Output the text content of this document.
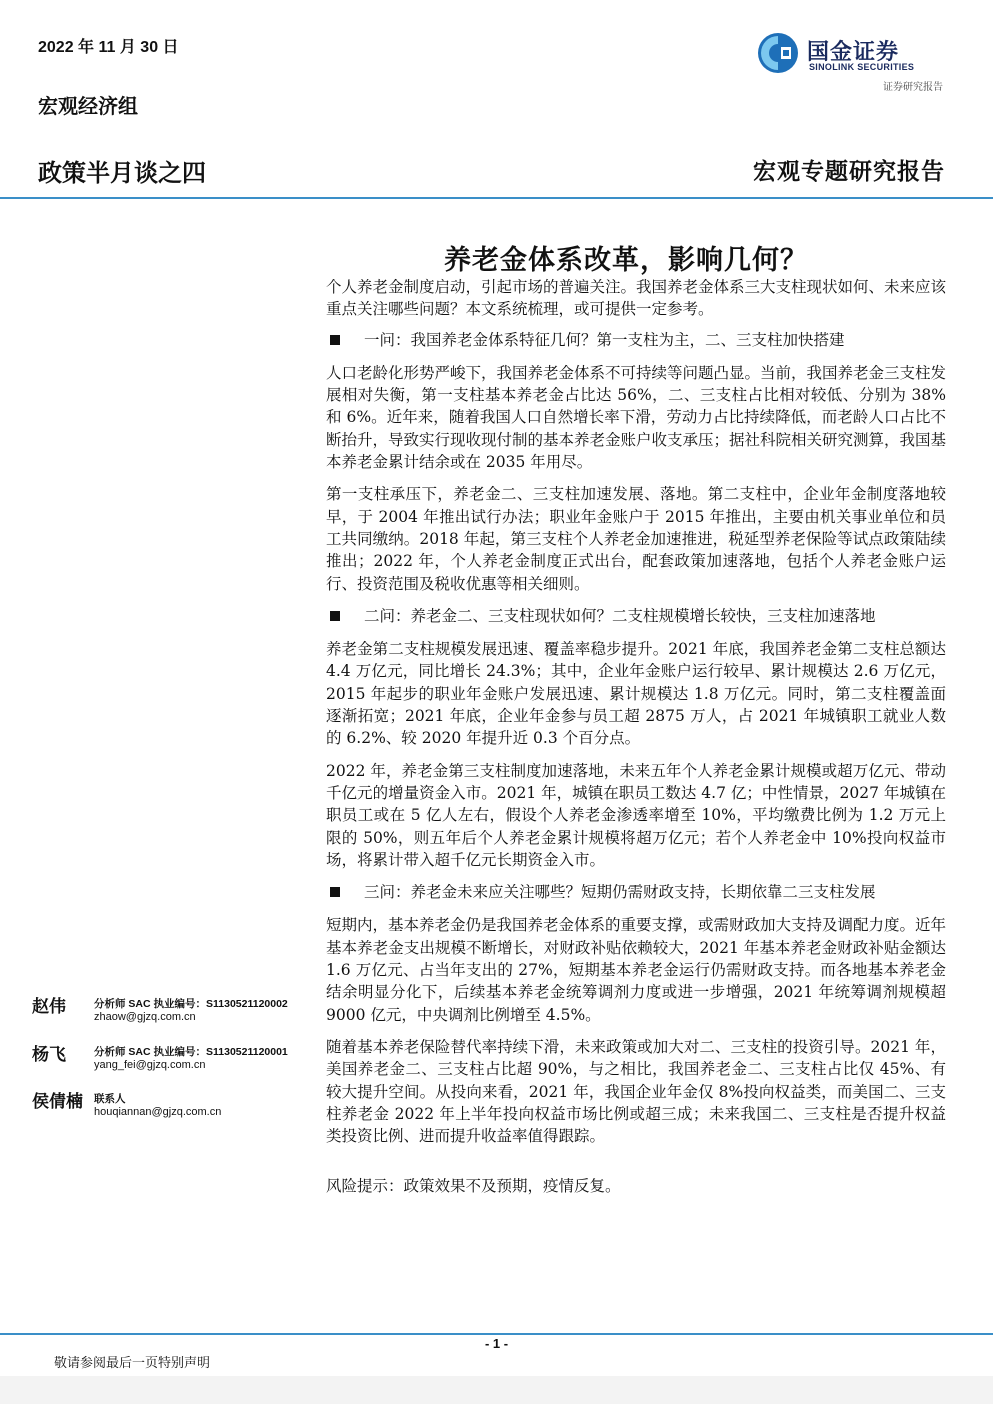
2022 年 11 月 30 日
宏观经济组
政策半月谈之四	宏观专题研究报告
国金证券
SINOLINK SECURITIES
证券研究报告
养老金体系改革，影响几何？

个人养老金制度启动，引起市场的普遍关注。我国养老金体系三大支柱现状如何、未来应该重点关注哪些问题？本文系统梳理，或可提供一定参考。

一问：我国养老金体系特征几何？第一支柱为主，二、三支柱加快搭建

人口老龄化形势严峻下，我国养老金体系不可持续等问题凸显。当前，我国养老金三支柱发展相对失衡，第一支柱基本养老金占比达 56%，二、三支柱占比相对较低、分别为 38%和 6%。近年来，随着我国人口自然增长率下滑，劳动力占比持续降低，而老龄人口占比不断抬升，导致实行现收现付制的基本养老金账户收支承压；据社科院相关研究测算，我国基本养老金累计结余或在 2035 年用尽。

第一支柱承压下，养老金二、三支柱加速发展、落地。第二支柱中，企业年金制度落地较早，于 2004 年推出试行办法；职业年金账户于 2015 年推出，主要由机关事业单位和员工共同缴纳。2018 年起，第三支柱个人养老金加速推进，税延型养老保险等试点政策陆续推出；2022 年，个人养老金制度正式出台，配套政策加速落地，包括个人养老金账户运行、投资范围及税收优惠等相关细则。

二问：养老金二、三支柱现状如何？二支柱规模增长较快，三支柱加速落地

养老金第二支柱规模发展迅速、覆盖率稳步提升。2021 年底，我国养老金第二支柱总额达 4.4 万亿元，同比增长 24.3%；其中，企业年金账户运行较早、累计规模达 2.6 万亿元，2015 年起步的职业年金账户发展迅速、累计规模达 1.8 万亿元。同时，第二支柱覆盖面逐渐拓宽；2021 年底，企业年金参与员工超 2875 万人，占 2021 年城镇职工就业人数的 6.2%、较 2020 年提升近 0.3 个百分点。

2022 年，养老金第三支柱制度加速落地，未来五年个人养老金累计规模或超万亿元、带动千亿元的增量资金入市。2021 年，城镇在职员工数达 4.7 亿；中性情景，2027 年城镇在职员工或在 5 亿人左右，假设个人养老金渗透率增至 10%，平均缴费比例为 1.2 万元上限的 50%，则五年后个人养老金累计规模将超万亿元；若个人养老金中 10%投向权益市场，将累计带入超千亿元长期资金入市。

三问：养老金未来应关注哪些？短期仍需财政支持，长期依靠二三支柱发展

短期内，基本养老金仍是我国养老金体系的重要支撑，或需财政加大支持及调配力度。近年基本养老金支出规模不断增长，对财政补贴依赖较大，2021 年基本养老金财政补贴金额达 1.6 万亿元、占当年支出的 27%，短期基本养老金运行仍需财政支持。而各地基本养老金结余明显分化下，后续基本养老金统筹调剂力度或进一步增强，2021 年统筹调剂规模超 9000 亿元，中央调剂比例增至 4.5%。

随着基本养老保险替代率持续下滑，未来政策或加大对二、三支柱的投资引导。2021 年，美国养老金二、三支柱占比超 90%，与之相比，我国养老金二、三支柱占比仅 45%、有较大提升空间。从投向来看，2021 年，我国企业年金仅 8%投向权益类，而美国二、三支柱养老金 2022 年上半年投向权益市场比例或超三成；未来我国二、三支柱是否提升权益类投资比例、进而提升收益率值得跟踪。

风险提示：政策效果不及预期，疫情反复。

赵伟	分析师 SAC 执业编号：S1130521120002
zhaow@gjzq.com.cn
杨飞	分析师 SAC 执业编号：S1130521120001
yang_fei@gjzq.com.cn
侯倩楠 联系人
houqiannan@gjzq.com.cn
- 1 -
敬请参阅最后一页特别声明
